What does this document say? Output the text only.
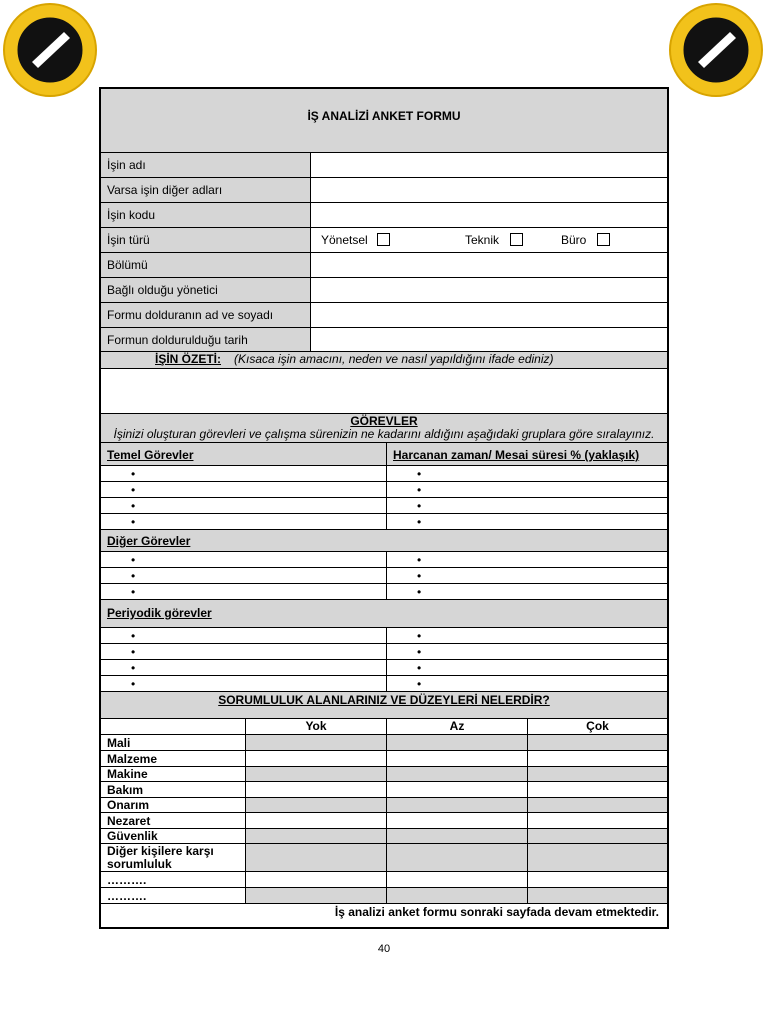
İŞ ANALİZİ ANKET FORMU
İşin adı
Varsa işin diğer adları
İşin kodu
İşin türü	Yönetsel	Teknik	Büro
Bölümü
Bağlı olduğu yönetici
Formu dolduranın ad ve soyadı
Formun doldurulduğu tarih
İŞİN ÖZETİ: (Kısaca işin amacını, neden ve nasıl yapıldığını ifade ediniz)
GÖREVLER
İşinizi oluşturan görevleri ve çalışma sürenizin ne kadarını aldığını aşağıdaki gruplara göre sıralayınız.
Temel Görevler	Harcanan zaman/ Mesai süresi % (yaklaşık)
•
•
•
•
•
•
•
•
Diğer Görevler
•
•
•
•
•
•
Periyodik görevler
•
•
•
•
•
•
•
•
SORUMLULUK ALANLARINIZ VE DÜZEYLERİ NELERDİR?
Yok	Az	Çok
Mali
Malzeme
Makine
Bakım
Onarım
Nezaret
Güvenlik
Diğer kişilere karşı sorumluluk
……….
……….
İş analizi anket formu sonraki sayfada devam etmektedir.
40
